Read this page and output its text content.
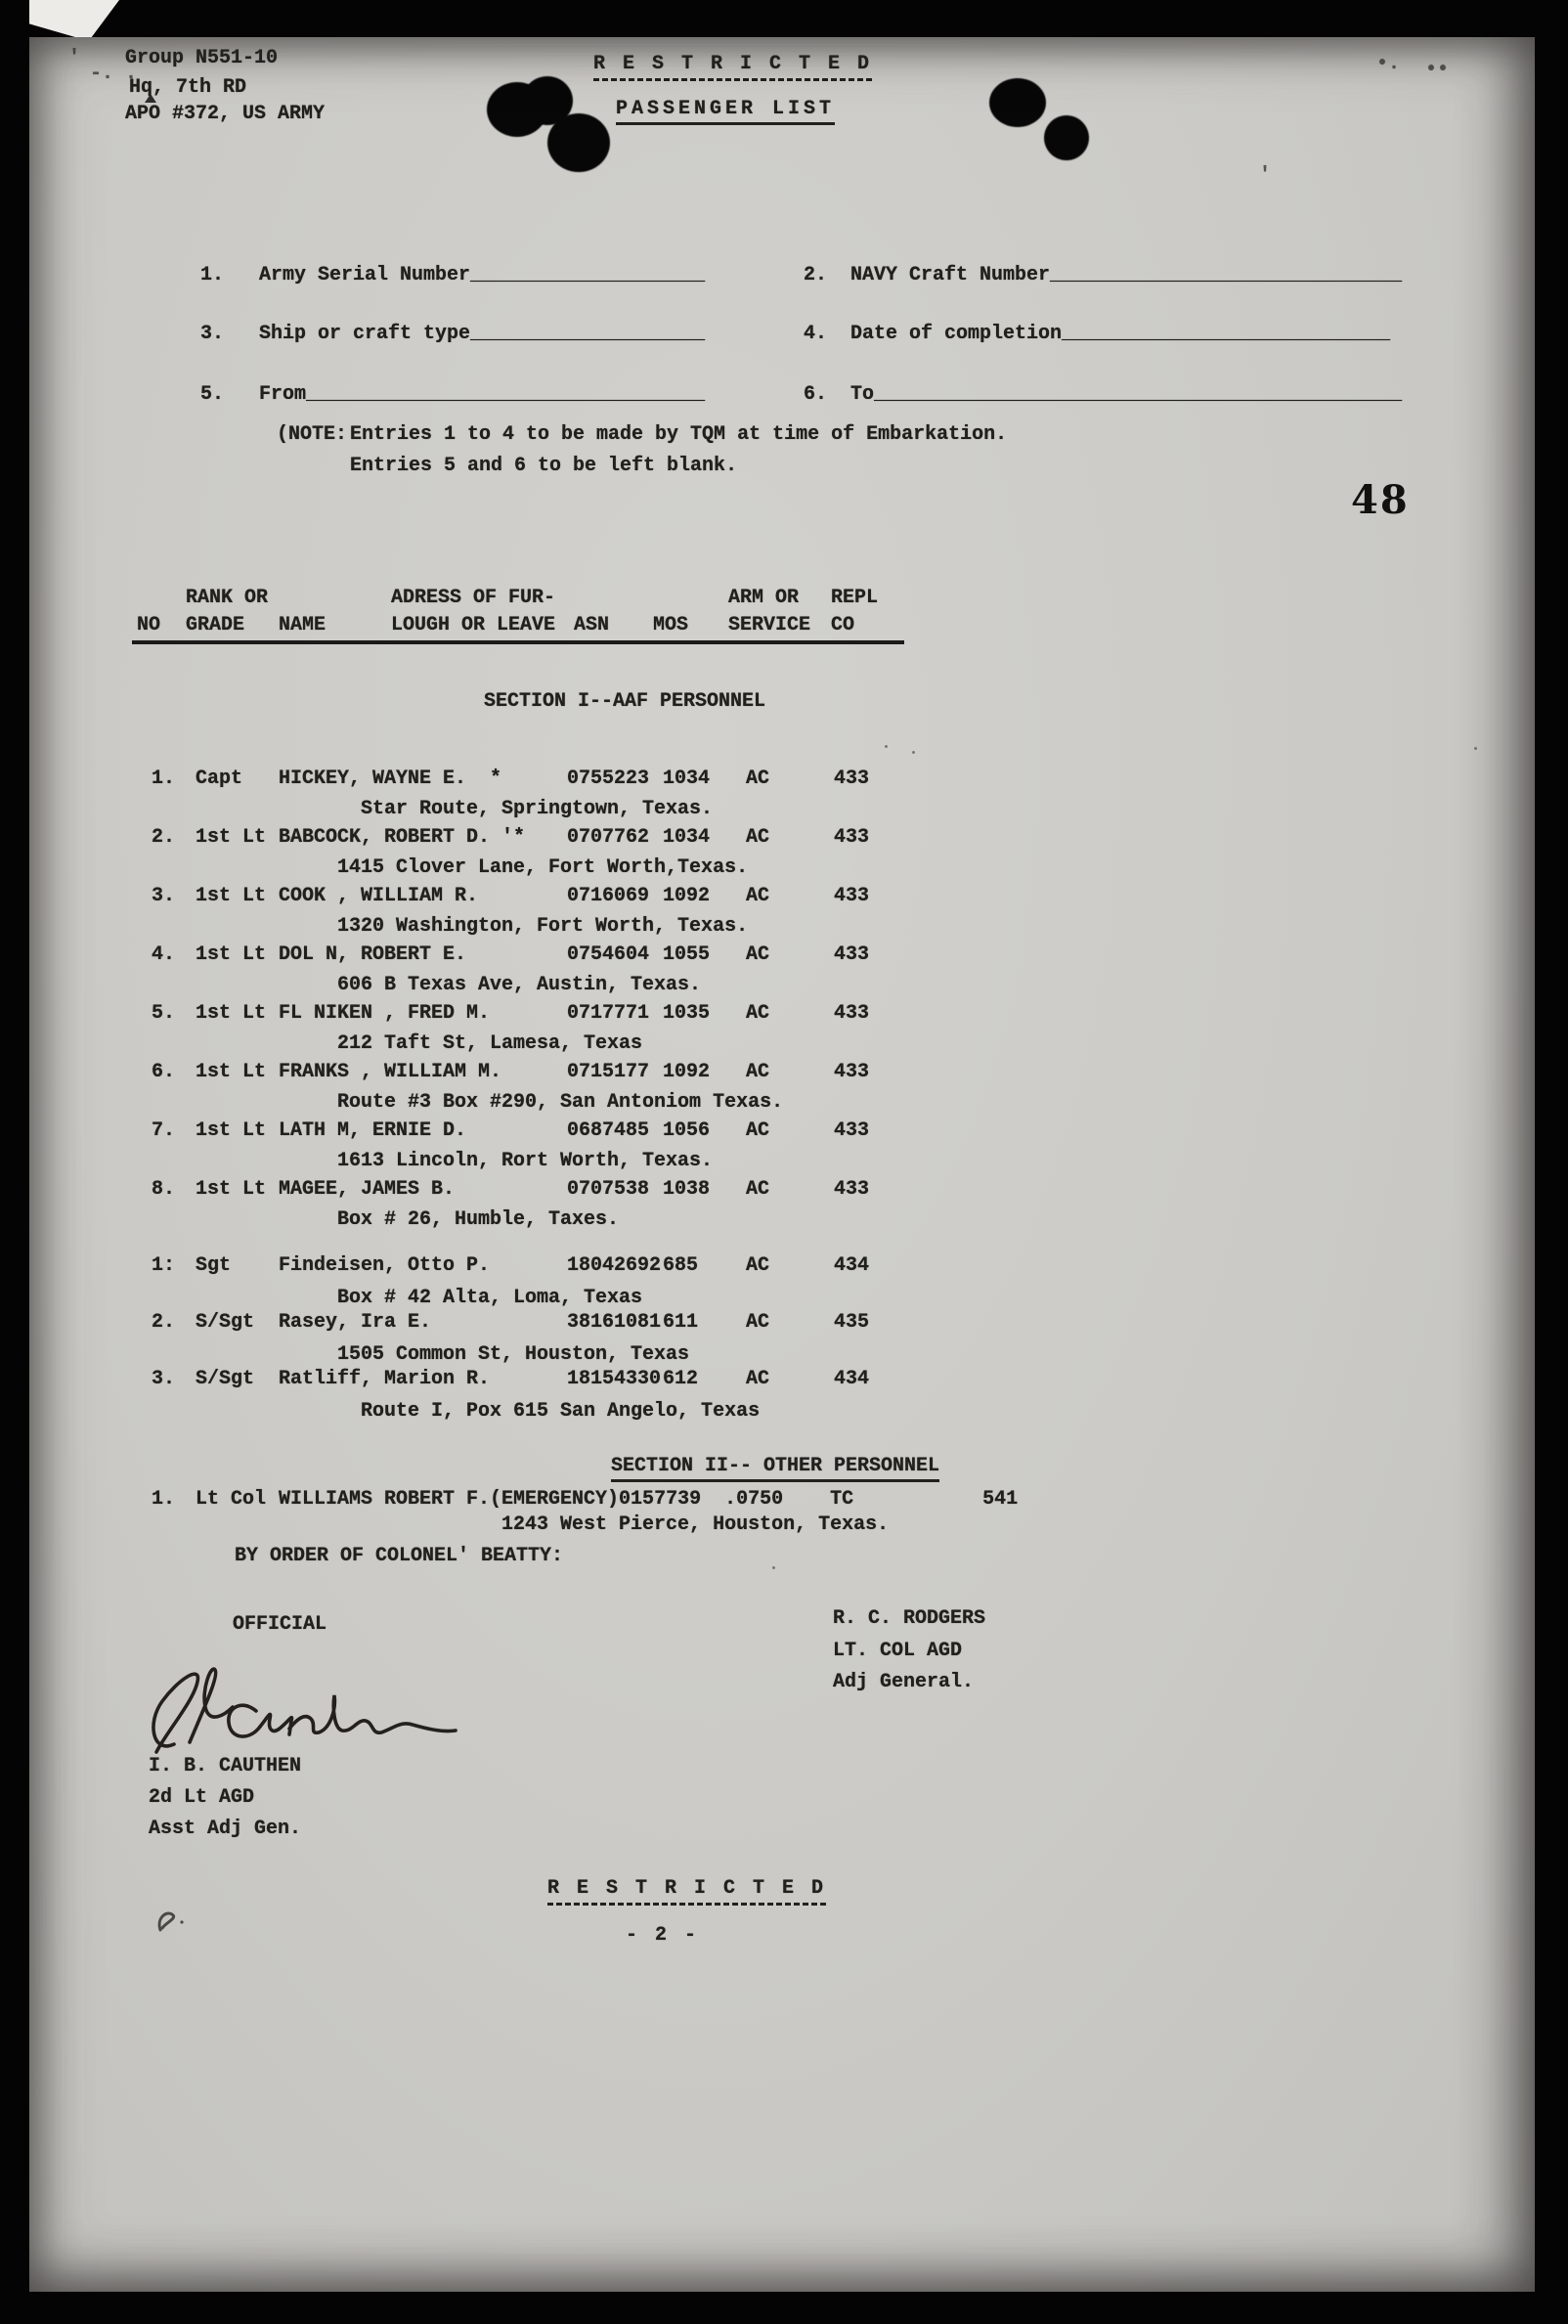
'
-. .	•. ••
'
Group N551-10
Hq, 7th RD
APO #372, US ARMY
R E S T R I C T E D
PASSENGER LIST
1.   Army Serial Number____________________	2.  NAVY Craft Number______________________________
3.   Ship or craft type____________________	4.  Date of completion____________________________
5.   From__________________________________	6.  To_____________________________________________
(NOTE: Entries 1 to 4 to be made by TQM at time of Embarkation.
Entries 5 and 6 to be left blank.
48
RANK OR	ADRESS OF FUR-	ARM OR REPL
NO GRADE NAME	LOUGH OR LEAVE ASN MOS SERVICE CO
SECTION I--AAF PERSONNEL
1. Capt HICKEY, WAYNE E.  *	0755223 1034 AC	433
Star Route, Springtown, Texas.
2. 1st Lt BABCOCK, ROBERT D. '* 0707762 1034 AC	433
1415 Clover Lane, Fort Worth,Texas.
3. 1st Lt COOK , WILLIAM R.	0716069 1092 AC	433
1320 Washington, Fort Worth, Texas.
4. 1st Lt DOL N, ROBERT E.	0754604 1055 AC	433
606 B Texas Ave, Austin, Texas.
5. 1st Lt FL NIKEN , FRED M.	0717771 1035 AC	433
212 Taft St, Lamesa, Texas
6. 1st Lt FRANKS , WILLIAM M.	0715177 1092 AC	433
Route #3 Box #290, San Antoniom Texas.
7. 1st Lt LATH M, ERNIE D.	0687485 1056 AC	433
1613 Lincoln, Rort Worth, Texas.
8. 1st Lt MAGEE, JAMES B.	0707538 1038 AC	433
Box # 26, Humble, Taxes.
1: Sgt Findeisen, Otto P.	18042692 685 AC	434
Box # 42 Alta, Loma, Texas
2. S/Sgt Rasey, Ira E.	38161081 611 AC	435
1505 Common St, Houston, Texas
3. S/Sgt Ratliff, Marion R.	18154330 612 AC	434
Route I, Pox 615 San Angelo, Texas
1. Lt Col WILLIAMS ROBERT F.(EMERGENCY)0157739  .0750    TC           541
1243 West Pierce, Houston, Texas.
SECTION II-- OTHER PERSONNEL
BY ORDER OF COLONEL' BEATTY:
OFFICIAL	R. C. RODGERS
LT. COL AGD
Adj General.
I. B. CAUTHEN
2d Lt AGD
Asst Adj Gen.
R E S T R I C T E D
- 2 -
